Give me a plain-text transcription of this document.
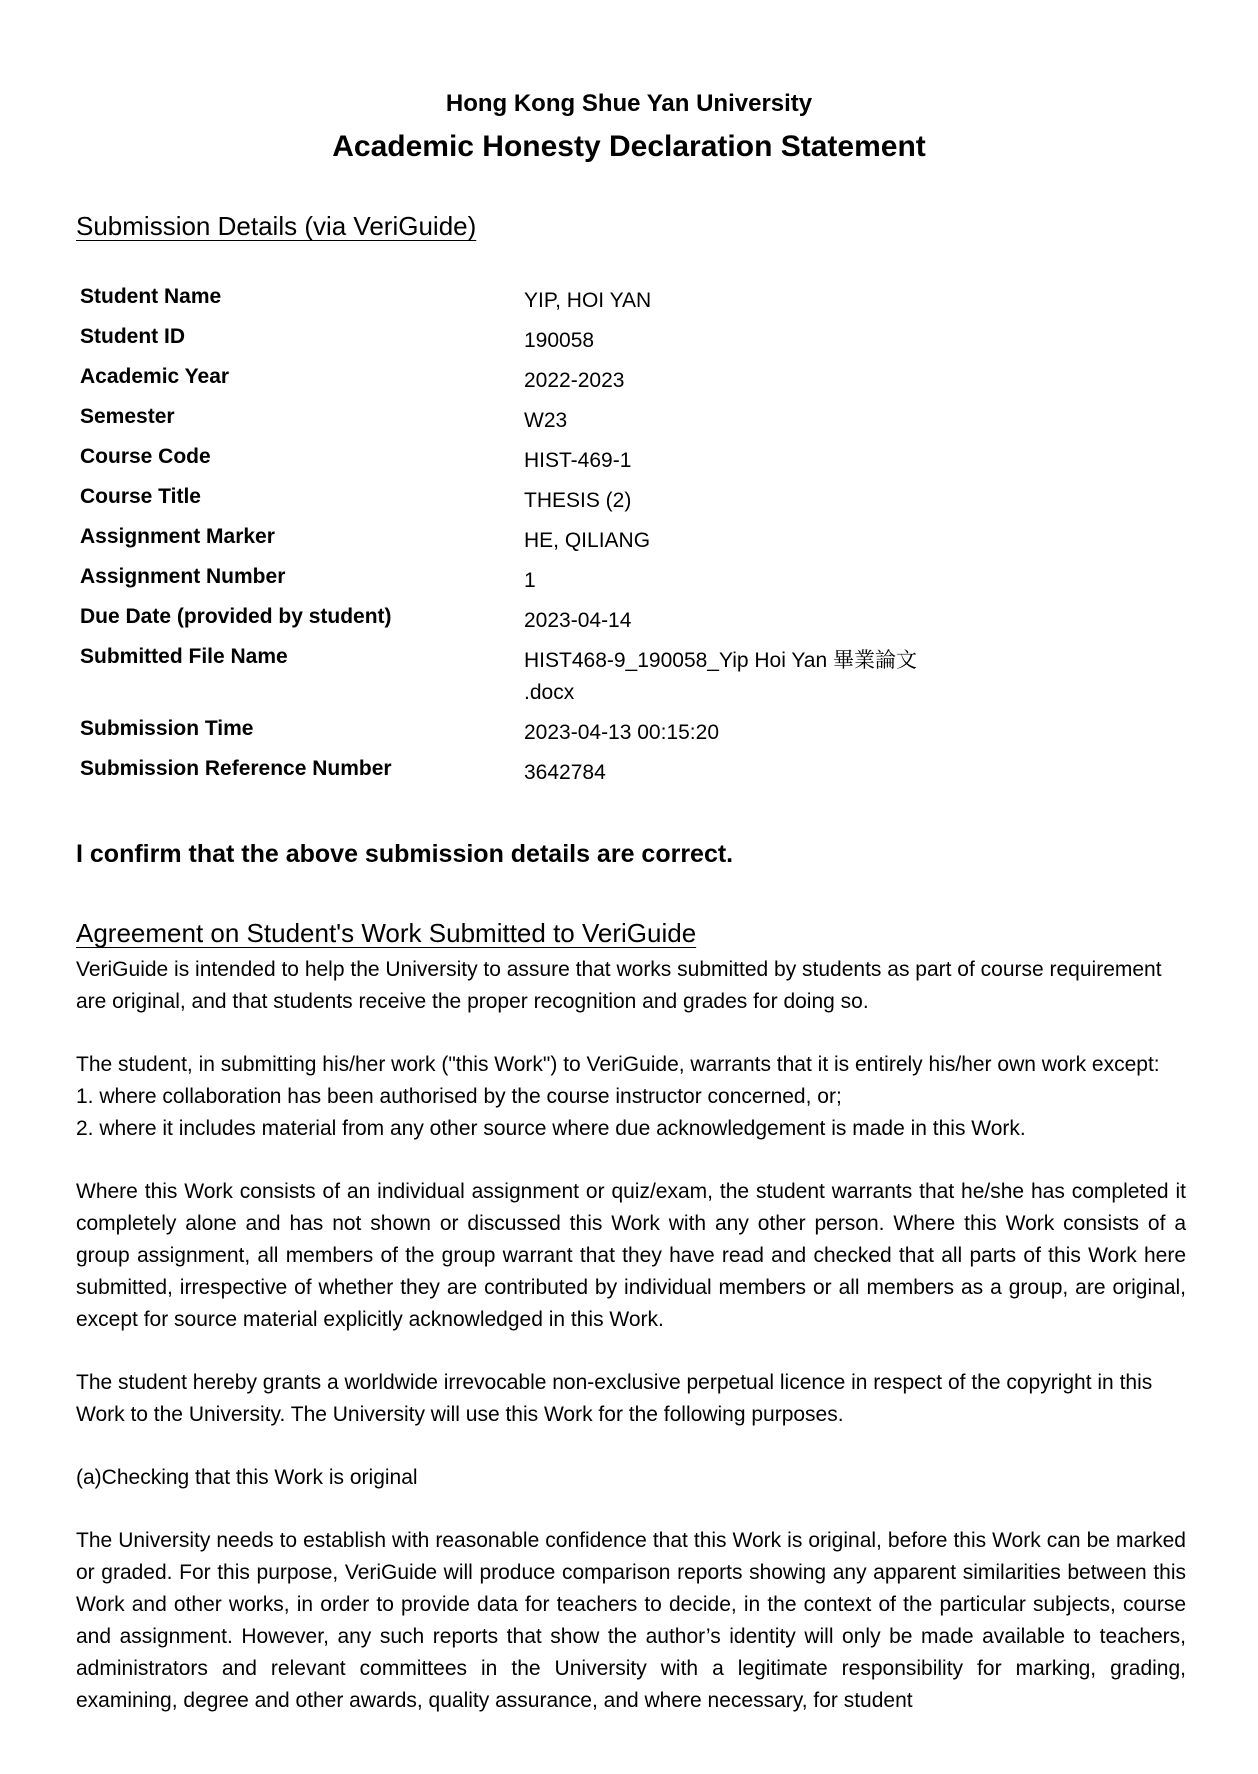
Hong Kong Shue Yan University
Academic Honesty Declaration Statement
Submission Details (via VeriGuide)
Student Name	YIP, HOI YAN
Student ID	190058
Academic Year	2022-2023
Semester	W23
Course Code	HIST-469-1
Course Title	THESIS (2)
Assignment Marker	HE, QILIANG
Assignment Number	1
Due Date (provided by student)	2023-04-14
Submitted File Name	HIST468-9_190058_Yip Hoi Yan 畢業論文
.docx
Submission Time	2023-04-13 00:15:20
Submission Reference Number	3642784
I confirm that the above submission details are correct.
Agreement on Student's Work Submitted to VeriGuide

VeriGuide is intended to help the University to assure that works submitted by students as part of course requirement are original, and that students receive the proper recognition and grades for doing so.

The student, in submitting his/her work ("this Work") to VeriGuide, warrants that it is entirely his/her own work except:

1. where collaboration has been authorised by the course instructor concerned, or;

2. where it includes material from any other source where due acknowledgement is made in this Work.

Where this Work consists of an individual assignment or quiz/exam, the student warrants that he/she has completed it completely alone and has not shown or discussed this Work with any other person. Where this Work consists of a group assignment, all members of the group warrant that they have read and checked that all parts of this Work here submitted, irrespective of whether they are contributed by individual members or all members as a group, are original, except for source material explicitly acknowledged in this Work.

The student hereby grants a worldwide irrevocable non-exclusive perpetual licence in respect of the copyright in this Work to the University. The University will use this Work for the following purposes.

(a)Checking that this Work is original

The University needs to establish with reasonable confidence that this Work is original, before this Work can be marked or graded. For this purpose, VeriGuide will produce comparison reports showing any apparent similarities between this Work and other works, in order to provide data for teachers to decide, in the context of the particular subjects, course and assignment. However, any such reports that show the author’s identity will only be made available to teachers, administrators and relevant committees in the University with a legitimate responsibility for marking, grading, examining, degree and other awards, quality assurance, and where necessary, for student
